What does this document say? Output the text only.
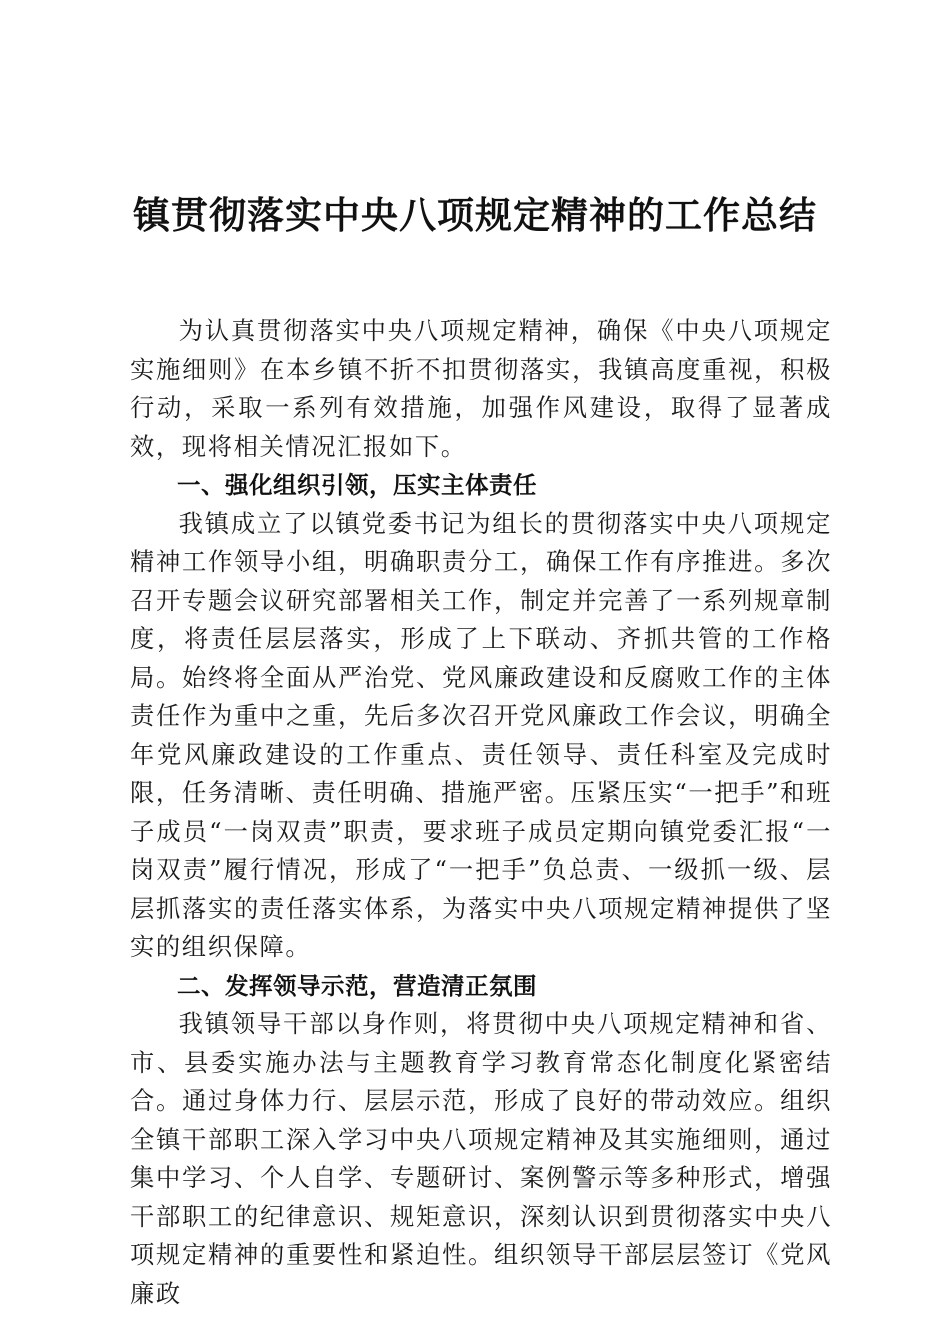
镇贯彻落实中央八项规定精神的工作总结

为认真贯彻落实中央八项规定精神，确保《中央八项规定实施细则》在本乡镇不折不扣贯彻落实，我镇高度重视，积极行动，采取一系列有效措施，加强作风建设，取得了显著成效，现将相关情况汇报如下。

一、强化组织引领，压实主体责任

我镇成立了以镇党委书记为组长的贯彻落实中央八项规定精神工作领导小组，明确职责分工，确保工作有序推进。多次召开专题会议研究部署相关工作，制定并完善了一系列规章制度，将责任层层落实，形成了上下联动、齐抓共管的工作格局。始终将全面从严治党、党风廉政建设和反腐败工作的主体责任作为重中之重，先后多次召开党风廉政工作会议，明确全年党风廉政建设的工作重点、责任领导、责任科室及完成时限，任务清晰、责任明确、措施严密。压紧压实“一把手”和班子成员“一岗双责”职责，要求班子成员定期向镇党委汇报“一岗双责”履行情况，形成了“一把手”负总责、一级抓一级、层层抓落实的责任落实体系，为落实中央八项规定精神提供了坚实的组织保障。

二、发挥领导示范，营造清正氛围

我镇领导干部以身作则，将贯彻中央八项规定精神和省、市、县委实施办法与主题教育学习教育常态化制度化紧密结合。通过身体力行、层层示范，形成了良好的带动效应。组织全镇干部职工深入学习中央八项规定精神及其实施细则，通过集中学习、个人自学、专题研讨、案例警示等多种形式，增强干部职工的纪律意识、规矩意识，深刻认识到贯彻落实中央八项规定精神的重要性和紧迫性。组织领导干部层层签订《党风廉政
